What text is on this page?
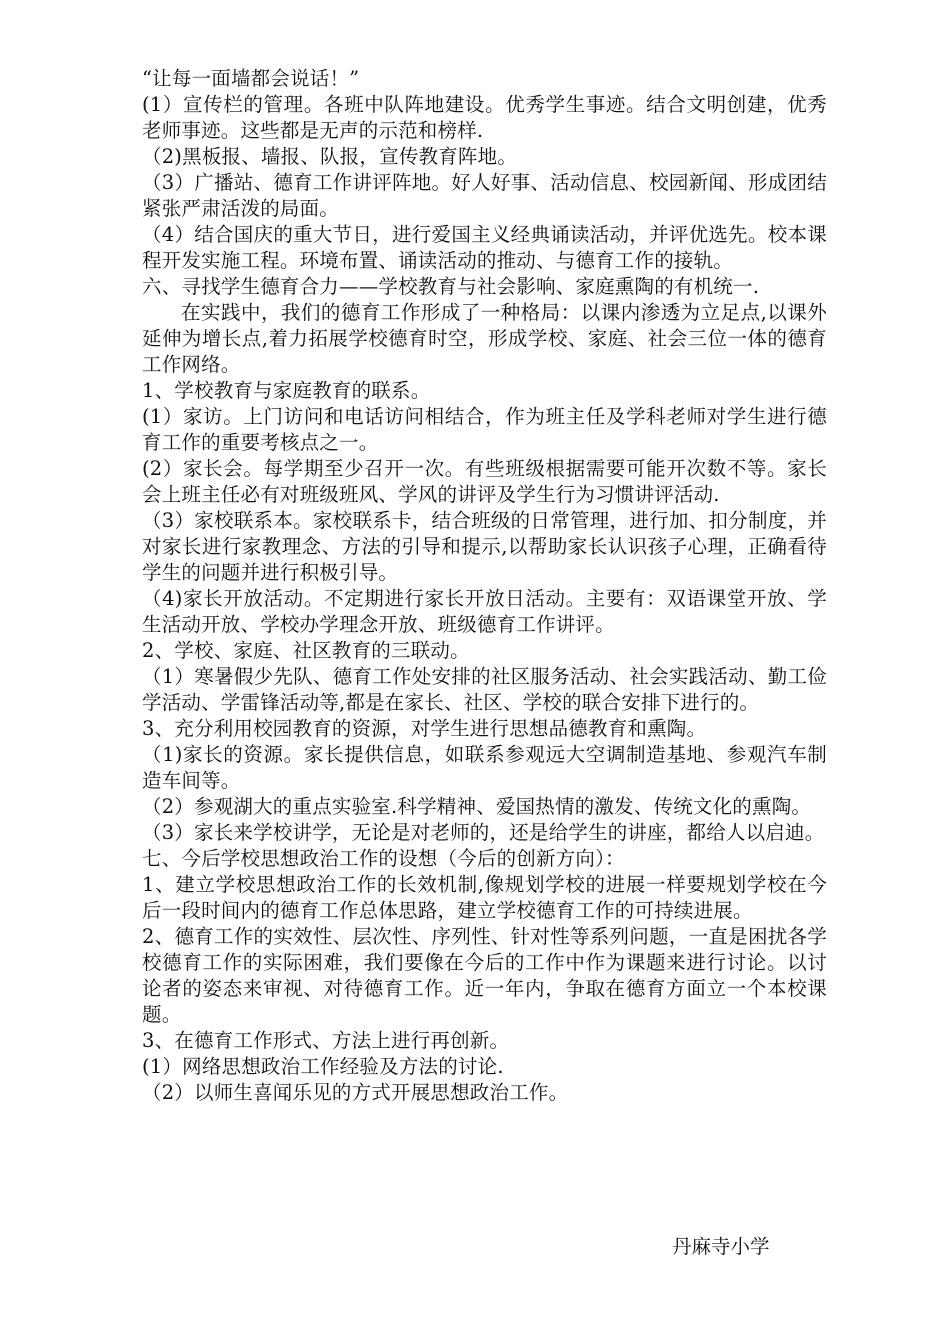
“让每一面墙都会说话！”

(1）宣传栏的管理。各班中队阵地建设。优秀学生事迹。结合文明创建，优秀老师事迹。这些都是无声的示范和榜样.

（2)黑板报、墙报、队报，宣传教育阵地。

（3）广播站、德育工作讲评阵地。好人好事、活动信息、校园新闻、形成团结紧张严肃活泼的局面。

（4）结合国庆的重大节日，进行爱国主义经典诵读活动，并评优选先。校本课程开发实施工程。环境布置、诵读活动的推动、与德育工作的接轨。

六、寻找学生德育合力——学校教育与社会影响、家庭熏陶的有机统一.

在实践中，我们的德育工作形成了一种格局：以课内渗透为立足点,以课外延伸为增长点,着力拓展学校德育时空，形成学校、家庭、社会三位一体的德育工作网络。

1、学校教育与家庭教育的联系。

(1）家访。上门访问和电话访问相结合，作为班主任及学科老师对学生进行德育工作的重要考核点之一。

(2）家长会。每学期至少召开一次。有些班级根据需要可能开次数不等。家长会上班主任必有对班级班风、学风的讲评及学生行为习惯讲评活动.

（3）家校联系本。家校联系卡，结合班级的日常管理，进行加、扣分制度，并对家长进行家教理念、方法的引导和提示,以帮助家长认识孩子心理，正确看待学生的问题并进行积极引导。

（4)家长开放活动。不定期进行家长开放日活动。主要有：双语课堂开放、学生活动开放、学校办学理念开放、班级德育工作讲评。

2、学校、家庭、社区教育的三联动。

（1）寒暑假少先队、德育工作处安排的社区服务活动、社会实践活动、勤工俭学活动、学雷锋活动等,都是在家长、社区、学校的联合安排下进行的。

3、充分利用校园教育的资源，对学生进行思想品德教育和熏陶。

（1)家长的资源。家长提供信息，如联系参观远大空调制造基地、参观汽车制造车间等。

（2）参观湖大的重点实验室.科学精神、爱国热情的激发、传统文化的熏陶。

（3）家长来学校讲学，无论是对老师的，还是给学生的讲座，都给人以启迪。

七、今后学校思想政治工作的设想（今后的创新方向）：

1、建立学校思想政治工作的长效机制,像规划学校的进展一样要规划学校在今后一段时间内的德育工作总体思路，建立学校德育工作的可持续进展。

2、德育工作的实效性、层次性、序列性、针对性等系列问题，一直是困扰各学校德育工作的实际困难，我们要像在今后的工作中作为课题来进行讨论。以讨论者的姿态来审视、对待德育工作。近一年内，争取在德育方面立一个本校课题。

3、在德育工作形式、方法上进行再创新。

(1）网络思想政治工作经验及方法的讨论.

（2）以师生喜闻乐见的方式开展思想政治工作。

丹麻寺小学
